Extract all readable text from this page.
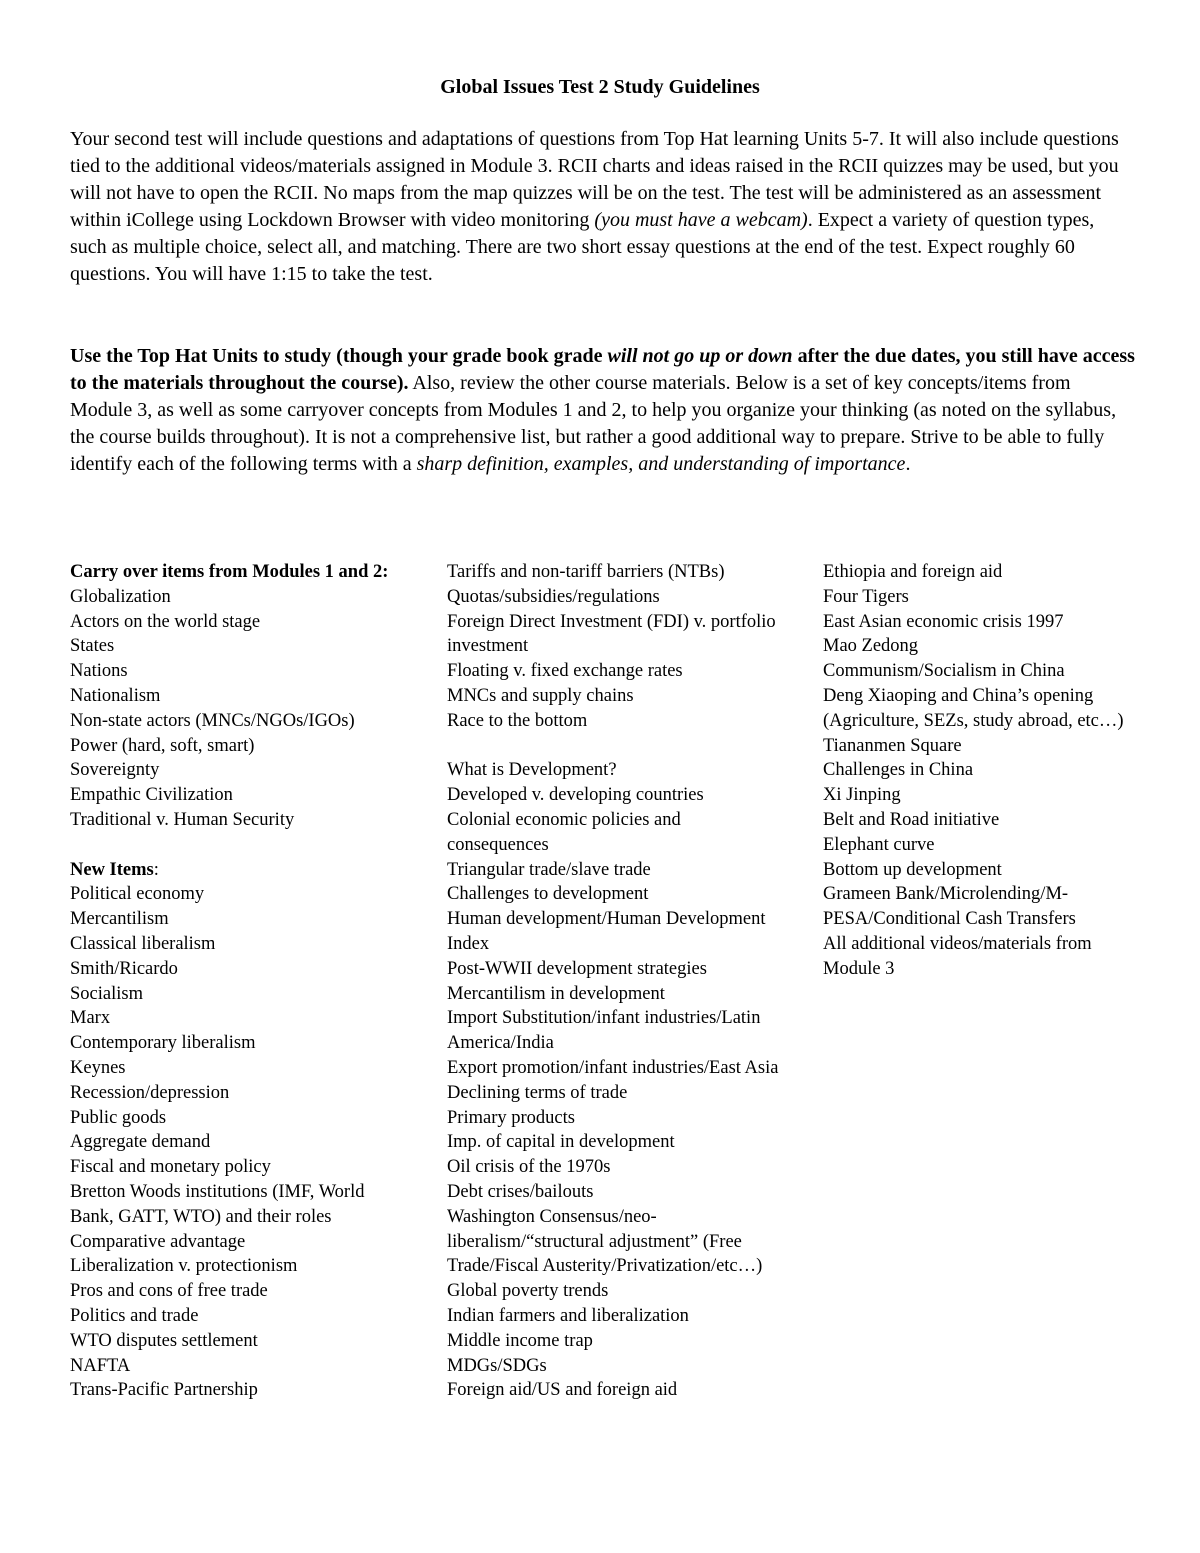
Global Issues Test 2 Study Guidelines
Your second test will include questions and adaptations of questions from Top Hat learning Units 5-7. It will also include questions tied to the additional videos/materials assigned in Module 3. RCII charts and ideas raised in the RCII quizzes may be used, but you will not have to open the RCII. No maps from the map quizzes will be on the test. The test will be administered as an assessment within iCollege using Lockdown Browser with video monitoring (you must have a webcam). Expect a variety of question types, such as multiple choice, select all, and matching. There are two short essay questions at the end of the test. Expect roughly 60 questions. You will have 1:15 to take the test.
Use the Top Hat Units to study (though your grade book grade will not go up or down after the due dates, you still have access to the materials throughout the course). Also, review the other course materials. Below is a set of key concepts/items from Module 3, as well as some carryover concepts from Modules 1 and 2, to help you organize your thinking (as noted on the syllabus, the course builds throughout). It is not a comprehensive list, but rather a good additional way to prepare. Strive to be able to fully identify each of the following terms with a sharp definition, examples, and understanding of importance.
Carry over items from Modules 1 and 2:
Globalization
Actors on the world stage
States
Nations
Nationalism
Non-state actors (MNCs/NGOs/IGOs)
Power (hard, soft, smart)
Sovereignty
Empathic Civilization
Traditional v. Human Security
New Items:
Political economy
Mercantilism
Classical liberalism
Smith/Ricardo
Socialism
Marx
Contemporary liberalism
Keynes
Recession/depression
Public goods
Aggregate demand
Fiscal and monetary policy
Bretton Woods institutions (IMF, World Bank, GATT, WTO) and their roles
Comparative advantage
Liberalization v. protectionism
Pros and cons of free trade
Politics and trade
WTO disputes settlement
NAFTA
Trans-Pacific Partnership
Tariffs and non-tariff barriers (NTBs)
Quotas/subsidies/regulations
Foreign Direct Investment (FDI) v. portfolio investment
Floating v. fixed exchange rates
MNCs and supply chains
Race to the bottom
What is Development?
Developed v. developing countries
Colonial economic policies and consequences
Triangular trade/slave trade
Challenges to development
Human development/Human Development Index
Post-WWII development strategies
Mercantilism in development
Import Substitution/infant industries/Latin America/India
Export promotion/infant industries/East Asia
Declining terms of trade
Primary products
Imp. of capital in development
Oil crisis of the 1970s
Debt crises/bailouts
Washington Consensus/neo-liberalism/“structural adjustment” (Free Trade/Fiscal Austerity/Privatization/etc…)
Global poverty trends
Indian farmers and liberalization
Middle income trap
MDGs/SDGs
Foreign aid/US and foreign aid
Ethiopia and foreign aid
Four Tigers
East Asian economic crisis 1997
Mao Zedong
Communism/Socialism in China
Deng Xiaoping and China’s opening (Agriculture, SEZs, study abroad, etc…)
Tiananmen Square
Challenges in China
Xi Jinping
Belt and Road initiative
Elephant curve
Bottom up development
Grameen Bank/Microlending/M-PESA/Conditional Cash Transfers
All additional videos/materials from Module 3
